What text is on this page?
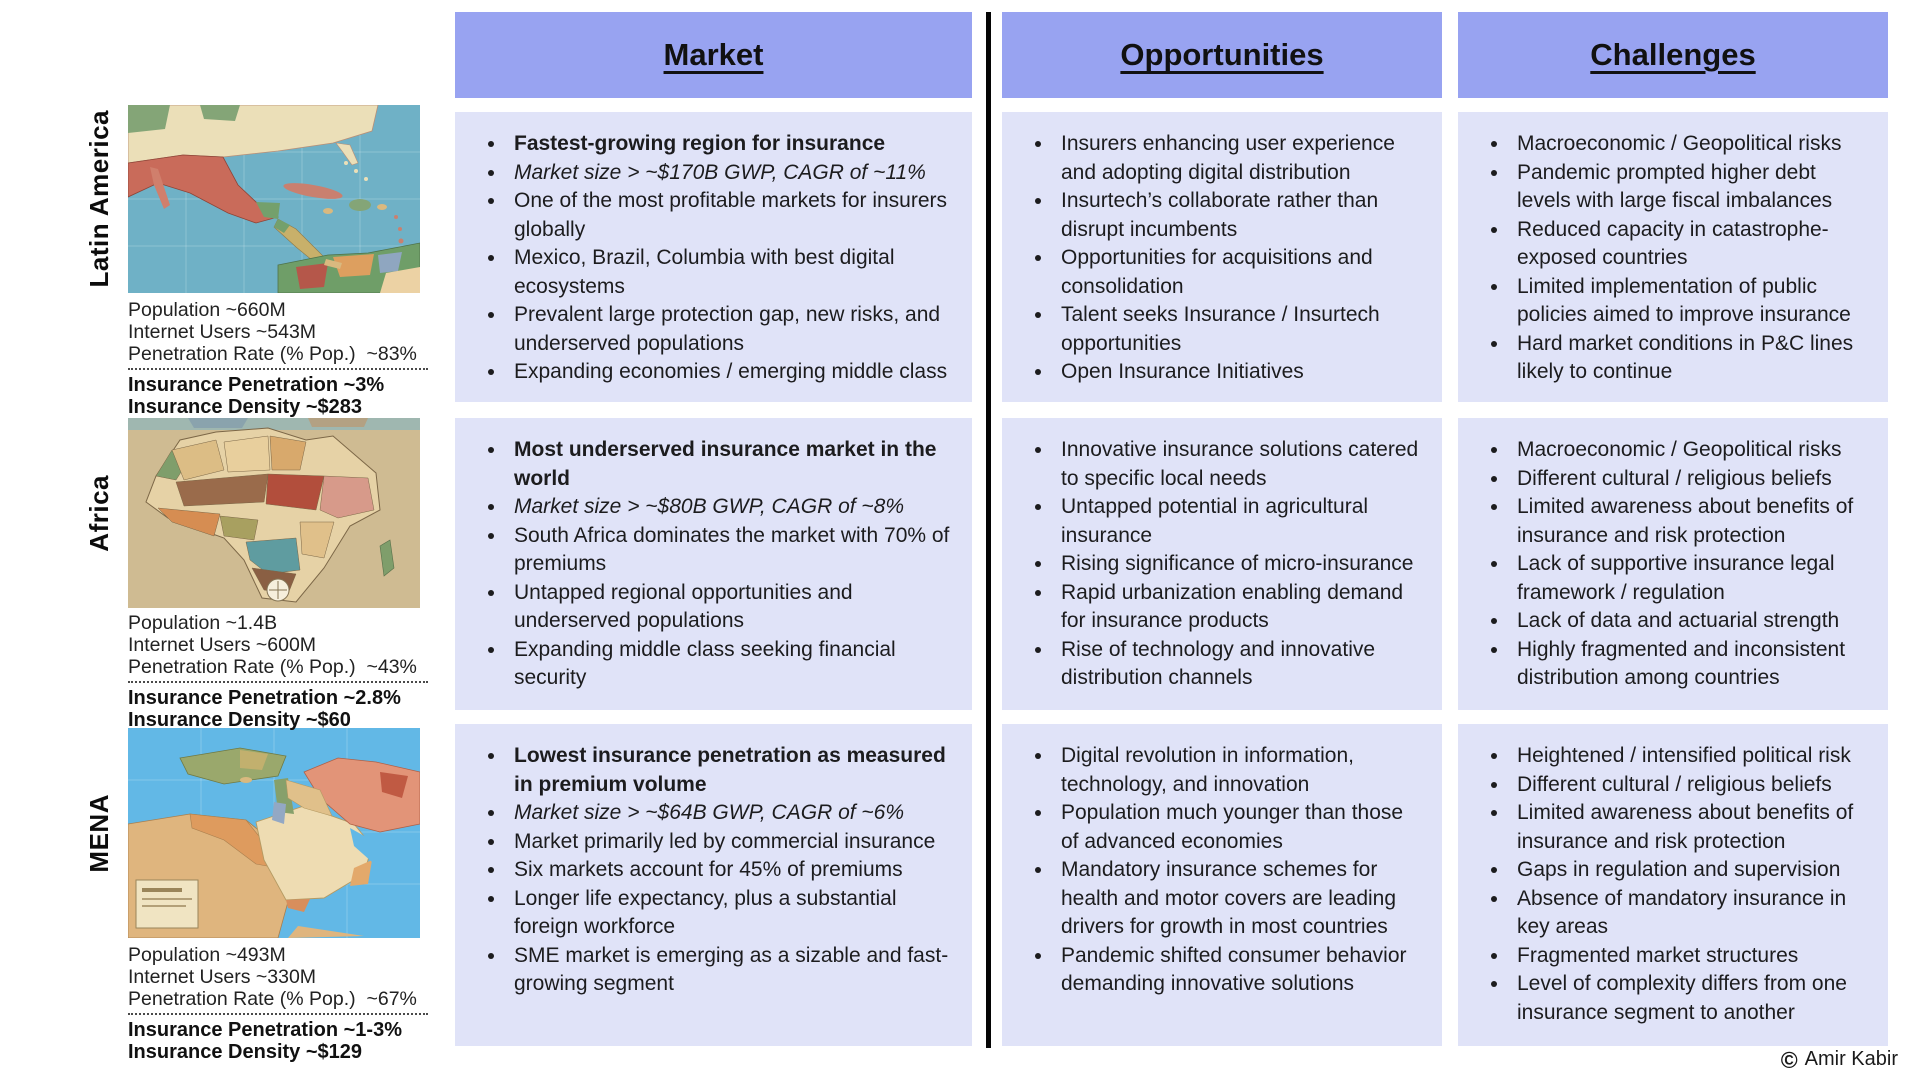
Market	Opportunities	Challenges
Latin America
Africa
MENA
Population ~660M
Internet Users ~543M
Penetration Rate (% Pop.)  ~83%
Insurance Penetration ~3%
Insurance Density ~$283
Population ~1.4B
Internet Users ~600M
Penetration Rate (% Pop.)  ~43%
Insurance Penetration ~2.8%
Insurance Density ~$60
Population ~493M
Internet Users ~330M
Penetration Rate (% Pop.)  ~67%
Insurance Penetration ~1-3%
Insurance Density ~$129
• Fastest-growing region for insurance
• Market size > ~$170B GWP, CAGR of ~11%
• One of the most profitable markets for insurers globally
• Mexico, Brazil, Columbia with best digital ecosystems
• Prevalent large protection gap, new risks, and underserved populations
• Expanding economies / emerging middle class
• Insurers enhancing user experience and adopting digital distribution
• Insurtech’s collaborate rather than disrupt incumbents
• Opportunities for acquisitions and consolidation
• Talent seeks Insurance / Insurtech opportunities
• Open Insurance Initiatives
• Macroeconomic / Geopolitical risks
• Pandemic prompted higher debt levels with large fiscal imbalances
• Reduced capacity in catastrophe-exposed countries
• Limited implementation of public policies aimed to improve insurance
• Hard market conditions in P&C lines likely to continue
• Most underserved insurance market in the world
• Market size > ~$80B GWP, CAGR of ~8%
• South Africa dominates the market with 70% of premiums
• Untapped regional opportunities and underserved populations
• Expanding middle class seeking financial security
• Innovative insurance solutions catered to specific local needs
• Untapped potential in agricultural insurance
• Rising significance of micro-insurance
• Rapid urbanization enabling demand for insurance products
• Rise of technology and innovative distribution channels
• Macroeconomic / Geopolitical risks
• Different cultural / religious beliefs
• Limited awareness about benefits of insurance and risk protection
• Lack of supportive insurance legal framework / regulation
• Lack of data and actuarial strength
• Highly fragmented and inconsistent distribution among countries
• Lowest insurance penetration as measured in premium volume
• Market size > ~$64B GWP, CAGR of ~6%
• Market primarily led by commercial insurance
• Six markets account for 45% of premiums
• Longer life expectancy, plus a substantial foreign workforce
• SME market is emerging as a sizable and fast-growing segment
• Digital revolution in information, technology, and innovation
• Population much younger than those of advanced economies
• Mandatory insurance schemes for health and motor covers are leading drivers for growth in most countries
• Pandemic shifted consumer behavior demanding innovative solutions
• Heightened / intensified political risk
• Different cultural / religious beliefs
• Limited awareness about benefits of insurance and risk protection
• Gaps in regulation and supervision
• Absence of mandatory insurance in key areas
• Fragmented market structures
• Level of complexity differs from one insurance segment to another
© Amir Kabir
